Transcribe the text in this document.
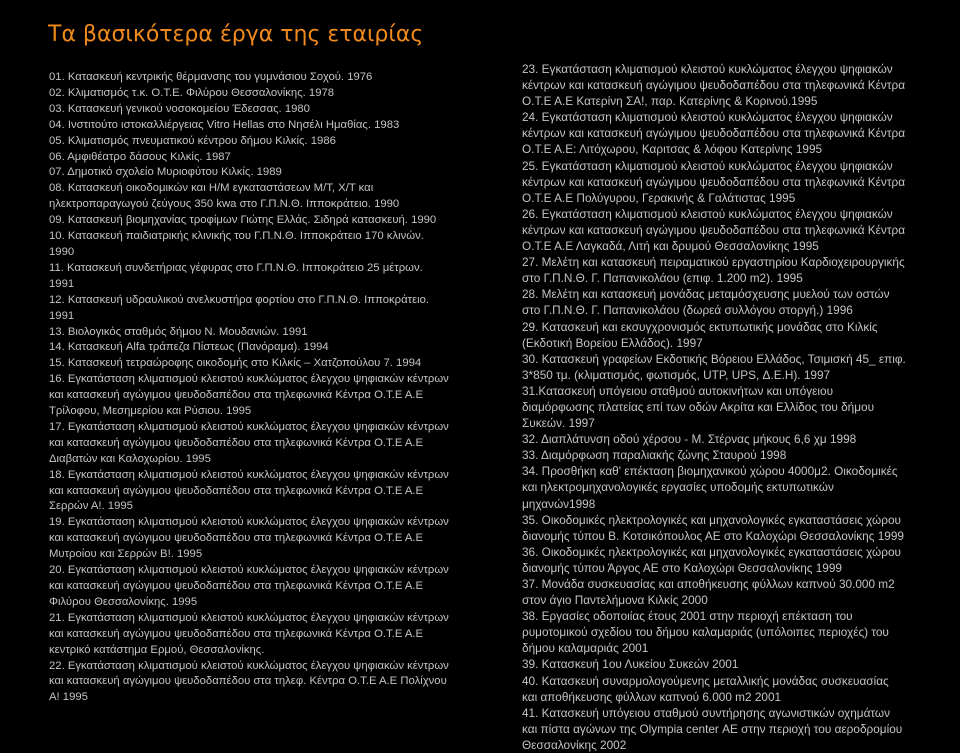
Τα βασικότερα έργα της εταιρίας
01. Κατασκευή κεντρικής θέρμανσης του γυμνάσιου Σοχού. 1976
02. Κλιματισμός τ.κ. Ο.Τ.Ε. Φιλύρου Θεσσαλονίκης. 1978
03. Κατασκευή γενικού νοσοκομείου Έδεσσας. 1980
04. Ινστιτούτο ιστοκαλλιέργειας Vitro Hellas στο Νησέλι Ημαθίας. 1983
05. Κλιματισμός πνευματικού κέντρου δήμου Κιλκίς. 1986
06. Αμφιθέατρο δάσους Κιλκίς. 1987
07. Δημοτικό σχολείο Μυριοφύτου Κιλκίς. 1989
08. Κατασκευή οικοδομικών και Η/Μ εγκαταστάσεων Μ/Τ, Χ/Τ και ηλεκτροπαραγωγού ζεύγους 350 kwa στο Γ.Π.Ν.Θ. Ιπποκράτειο. 1990
09. Κατασκευή βιομηχανίας τροφίμων Γιώτης Ελλάς. Σιδηρά κατασκευή. 1990
10. Κατασκευή παιδιατρικής κλινικής του Γ.Π.Ν.Θ. Ιπποκράτειο 170 κλινών. 1990
11. Κατασκευή συνδετήριας γέφυρας στο Γ.Π.Ν.Θ. Ιπποκράτειο 25 μέτρων. 1991
12. Κατασκευή υδραυλικού ανελκυστήρα φορτίου στο Γ.Π.Ν.Θ. Ιπποκράτειο. 1991
13. Βιολογικός σταθμός δήμου Ν. Μουδανιών. 1991
14. Κατασκευή Alfa τράπεζα Πίστεως (Πανόραμα). 1994
15. Κατασκευή τετραώροφης οικοδομής στο Κιλκίς – Χατζοπούλου 7. 1994
16. Εγκατάσταση κλιματισμού κλειστού κυκλώματος έλεγχου ψηφιακών κέντρων και κατασκευή αγώγιμου ψευδοδαπέδου στα τηλεφωνικά Κέντρα Ο.Τ.Ε Α.Ε Τρίλοφου, Μεσημερίου και Ρύσιου. 1995
17. Εγκατάσταση κλιματισμού κλειστού κυκλώματος έλεγχου ψηφιακών κέντρων και κατασκευή αγώγιμου ψευδοδαπέδου στα τηλεφωνικά Κέντρα Ο.Τ.Ε Α.Ε Διαβατών και Καλοχωρίου. 1995
18. Εγκατάσταση κλιματισμού κλειστού κυκλώματος έλεγχου ψηφιακών κέντρων και κατασκευή αγώγιμου ψευδοδαπέδου στα τηλεφωνικά Κέντρα Ο.Τ.Ε Α.Ε Σερρών Α!. 1995
19. Εγκατάσταση κλιματισμού κλειστού κυκλώματος έλεγχου ψηφιακών κέντρων και κατασκευή αγώγιμου ψευδοδαπέδου στα τηλεφωνικά Κέντρα Ο.Τ.Ε Α.Ε Μυτροίου και Σερρών Β!. 1995
20. Εγκατάσταση κλιματισμού κλειστού κυκλώματος έλεγχου ψηφιακών κέντρων και κατασκευή αγώγιμου ψευδοδαπέδου στα τηλεφωνικά Κέντρα Ο.Τ.Ε Α.Ε Φιλύρου Θεσσαλονίκης. 1995
21. Εγκατάσταση κλιματισμού κλειστού κυκλώματος έλεγχου ψηφιακών κέντρων και κατασκευή αγώγιμου ψευδοδαπέδου στα τηλεφωνικά Κέντρα Ο.Τ.Ε Α.Ε κεντρικό κατάστημα Ερμού, Θεσσαλονίκης.
22. Εγκατάσταση κλιματισμού κλειστού κυκλώματος έλεγχου ψηφιακών κέντρων και κατασκευή αγώγιμου ψευδοδαπέδου στα τηλεφ. Κέντρα Ο.Τ.Ε Α.Ε Πολίχνου Α! 1995
23. Εγκατάσταση κλιματισμού κλειστού κυκλώματος έλεγχου ψηφιακών κέντρων και κατασκευή αγώγιμου ψευδοδαπέδου στα τηλεφωνικά Κέντρα Ο.Τ.Ε Α.Ε Κατερίνη ΣΑ!, παρ. Κατερίνης & Κορινού.1995
24. Εγκατάσταση κλιματισμού κλειστού κυκλώματος έλεγχου ψηφιακών κέντρων και κατασκευή αγώγιμου ψευδοδαπέδου στα τηλεφωνικά Κέντρα Ο.Τ.Ε Α.Ε: Λιτόχωρου, Καριτσας & λόφου Κατερίνης 1995
25. Εγκατάσταση κλιματισμού κλειστού κυκλώματος έλεγχου ψηφιακών κέντρων και κατασκευή αγώγιμου ψευδοδαπέδου στα τηλεφωνικά Κέντρα Ο.Τ.Ε Α.Ε Πολύγυρου, Γερακινής & Γαλάτιστας 1995
26. Εγκατάσταση κλιματισμού κλειστού κυκλώματος έλεγχου ψηφιακών κέντρων και κατασκευή αγώγιμου ψευδοδαπέδου στα τηλεφωνικά Κέντρα Ο.Τ.Ε Α.Ε Λαγκαδά, Λιτή και δρυμού Θεσσαλονίκης 1995
27. Μελέτη και κατασκευή πειραματικού εργαστηρίου Καρδιοχειρουργικής στο Γ.Π.Ν.Θ. Γ. Παπανικολάου (επιφ. 1.200 m2). 1995
28. Μελέτη και κατασκευή μονάδας μεταμόσχευσης μυελού των οστών στο Γ.Π.Ν.Θ. Γ. Παπανικολάου (δωρεά συλλόγου στοργή.) 1996
29. Κατασκευή και εκσυγχρονισμός εκτυπωτικής μονάδας στο Κιλκίς (Εκδοτική Βορείου Ελλάδος). 1997
30. Κατασκευή γραφείων Εκδοτικής Βόρειου Ελλάδος, Τσιμισκή 45_ επιφ. 3*850 τμ. (κλιματισμός, φωτισμός, UTP, UPS, Δ.Ε.Η). 1997
31.Κατασκευή υπόγειου σταθμού αυτοκινήτων και υπόγειου διαμόρφωσης πλατείας επί των οδών Ακρίτα και Ελλίδος του δήμου Συκεών. 1997
32. Διαπλάτυνση οδού χέρσου - Μ. Στέρνας μήκους 6,6 χμ 1998
33. Διαμόρφωση παραλιακής ζώνης Σταυρού 1998
34. Προσθήκη καθ' επέκταση βιομηχανικού χώρου 4000μ2. Οικοδομικές και ηλεκτρομηχανολογικές εργασίες υποδομής εκτυπωτικών μηχανών1998
35. Οικοδομικές ηλεκτρολογικές και μηχανολογικές εγκαταστάσεις χώρου διανομής τύπου Β. Κοτσικόπουλος ΑΕ στο Καλοχώρι Θεσσαλονίκης 1999
36. Οικοδομικές ηλεκτρολογικές και μηχανολογικές εγκαταστάσεις χώρου διανομής τύπου Άργος ΑΕ στο Καλοχώρι Θεσσαλονίκης 1999
37. Μονάδα συσκευασίας και αποθήκευσης φύλλων καπνού 30.000 m2 στον άγιο Παντελήμονα Κιλκίς 2000
38. Εργασίες οδοποιίας έτους 2001 στην περιοχή επέκταση του ρυμοτομικού σχεδίου του δήμου καλαμαριάς (υπόλοιπες περιοχές) του δήμου καλαμαριάς 2001
39. Κατασκευή 1ου Λυκείου Συκεών 2001
40. Κατασκευή συναρμολογούμενης μεταλλικής μονάδας συσκευασίας και αποθήκευσης φύλλων καπνού 6.000 m2 2001
41. Κατασκευή υπόγειου σταθμού συντήρησης αγωνιστικών οχημάτων και πίστα αγώνων της Olympia center ΑΕ στην περιοχή του αεροδρομίου Θεσσαλονίκης 2002
